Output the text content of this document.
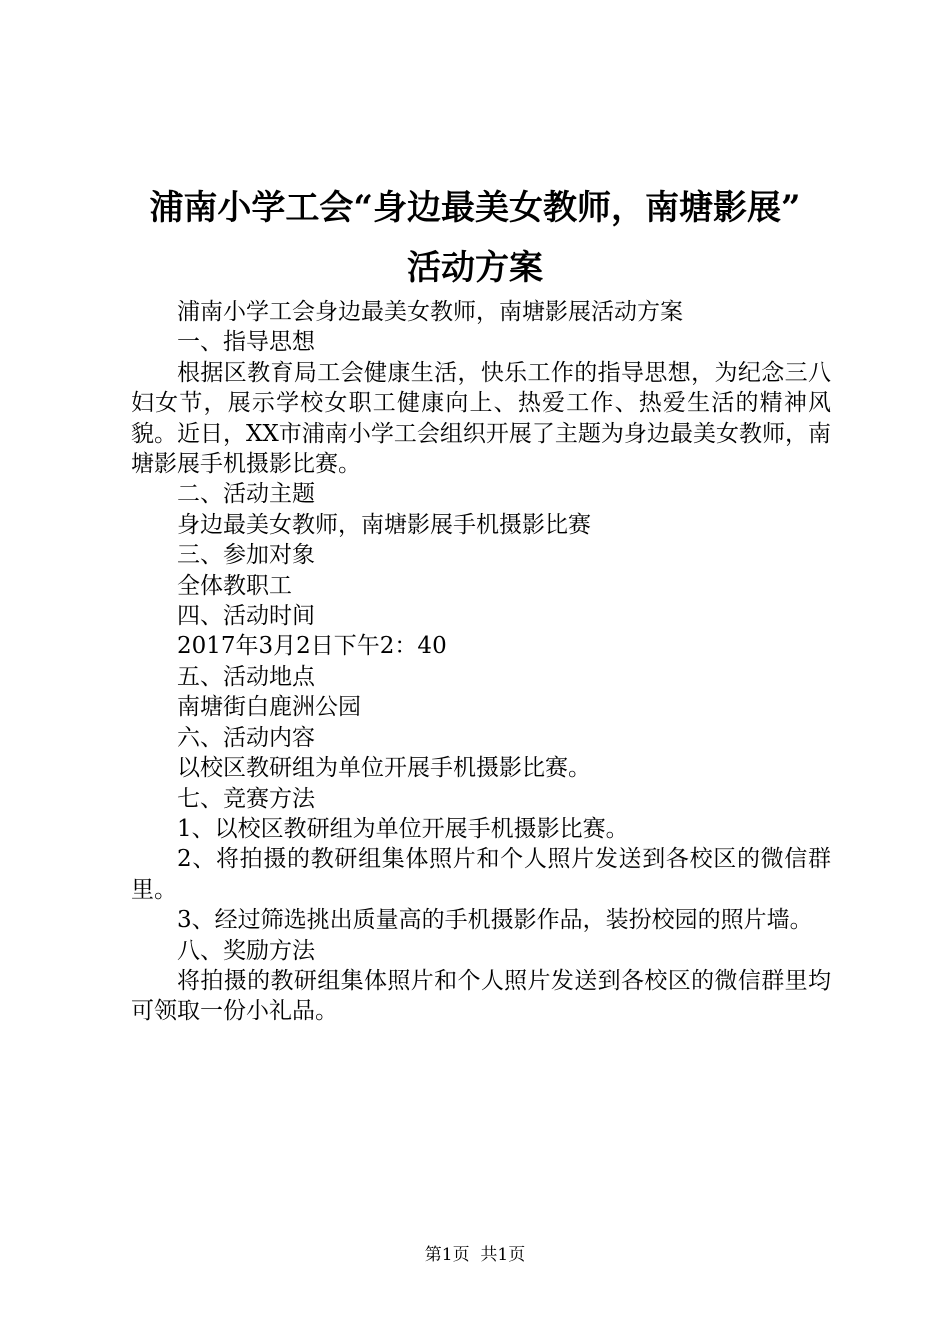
浦南小学工会“身边最美女教师，南塘影展”
活动方案

浦南小学工会身边最美女教师，南塘影展活动方案

一、指导思想

根据区教育局工会健康生活，快乐工作的指导思想，为纪念三八妇女节，展示学校女职工健康向上、热爱工作、热爱生活的精神风貌。近日，XX市浦南小学工会组织开展了主题为身边最美女教师，南塘影展手机摄影比赛。

二、活动主题

身边最美女教师，南塘影展手机摄影比赛

三、参加对象

全体教职工

四、活动时间

2017年3月2日下午2：40

五、活动地点

南塘街白鹿洲公园

六、活动内容

以校区教研组为单位开展手机摄影比赛。

七、竞赛方法

1、以校区教研组为单位开展手机摄影比赛。

2、将拍摄的教研组集体照片和个人照片发送到各校区的微信群里。

3、经过筛选挑出质量高的手机摄影作品，装扮校园的照片墙。

八、奖励方法

将拍摄的教研组集体照片和个人照片发送到各校区的微信群里均可领取一份小礼品。

第1页  共1页
